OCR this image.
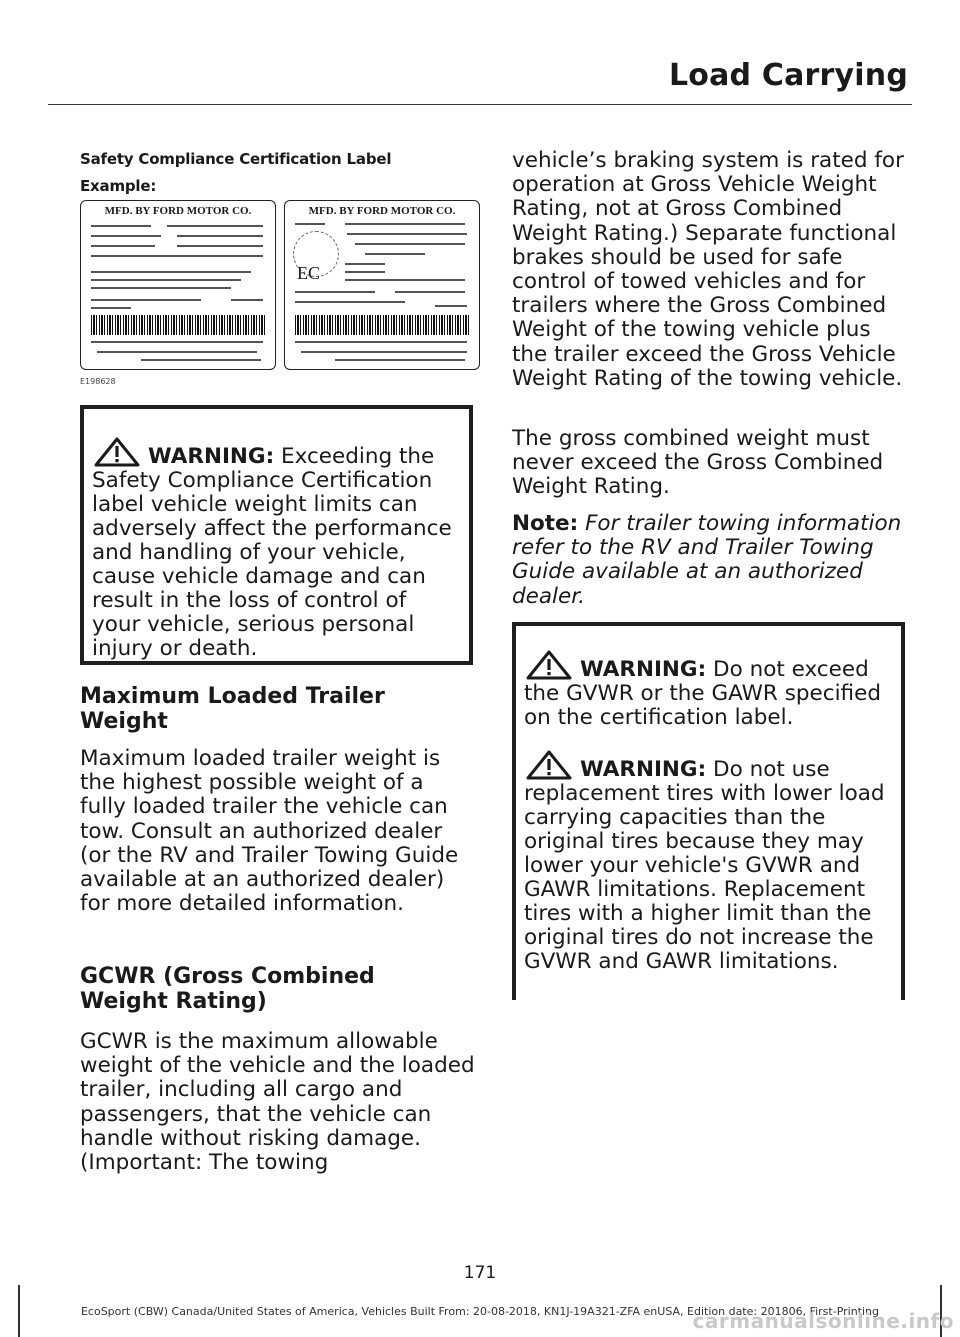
Load Carrying
Safety Compliance Certification Label
Example:
MFD. BY FORD MOTOR CO.	MFD. BY FORD MOTOR CO.
EC
E198628

WARNING: Exceeding the Safety Compliance Certification label vehicle weight limits can adversely affect the performance and handling of your vehicle, cause vehicle damage and can result in the loss of control of your vehicle, serious personal injury or death.

Maximum Loaded Trailer Weight

Maximum loaded trailer weight is the highest possible weight of a fully loaded trailer the vehicle can tow. Consult an authorized dealer (or the RV and Trailer Towing Guide available at an authorized dealer) for more detailed information.

GCWR (Gross Combined Weight Rating)

GCWR is the maximum allowable weight of the vehicle and the loaded trailer, including all cargo and passengers, that the vehicle can handle without risking damage. (Important: The towing

vehicle’s braking system is rated for operation at Gross Vehicle Weight Rating, not at Gross Combined Weight Rating.) Separate functional brakes should be used for safe control of towed vehicles and for trailers where the Gross Combined Weight of the towing vehicle plus the trailer exceed the Gross Vehicle Weight Rating of the towing vehicle.

The gross combined weight must never exceed the Gross Combined Weight Rating.

Note: For trailer towing information refer to the RV and Trailer Towing Guide available at an authorized dealer.

WARNING: Do not exceed the GVWR or the GAWR specified on the certification label.

WARNING: Do not use replacement tires with lower load carrying capacities than the original tires because they may lower your vehicle's GVWR and GAWR limitations. Replacement tires with a higher limit than the original tires do not increase the GVWR and GAWR limitations.

171
EcoSport (CBW) Canada/United States of America, Vehicles Built From: 20-08-2018, KN1J-19A321-ZFA enUSA, Edition date: 201806, First-Printing
carmanualsonline.info
